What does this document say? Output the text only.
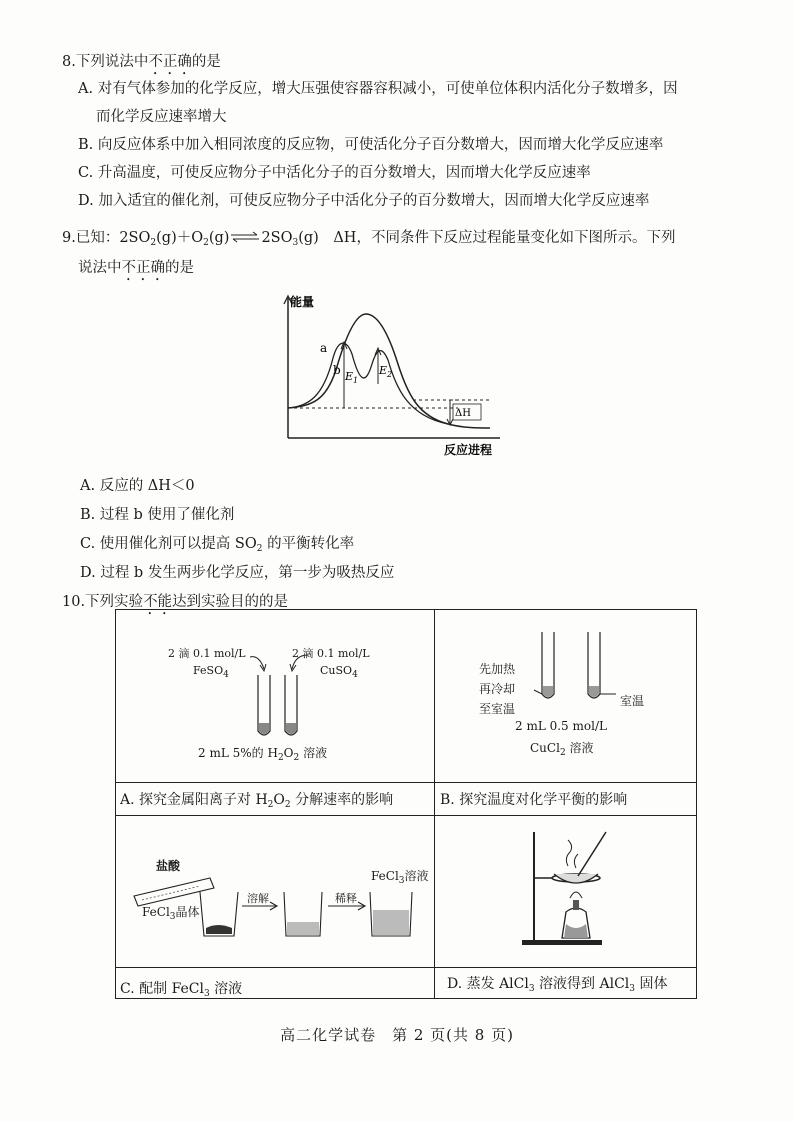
8.下列说法中不正确的是
A. 对有气体参加的化学反应，增大压强使容器容积减小，可使单位体积内活化分子数增多，因
而化学反应速率增大
B. 向反应体系中加入相同浓度的反应物，可使活化分子百分数增大，因而增大化学反应速率
C. 升高温度，可使反应物分子中活化分子的百分数增大，因而增大化学反应速率
D. 加入适宜的催化剂，可使反应物分子中活化分子的百分数增大，因而增大化学反应速率
9.已知：$2SO_2(g)+O_2(g)\rightleftharpoons 2SO_3(g)$　ΔH，不同条件下反应过程能量变化如下图所示。下列
说法中不正确的是
能量
反应进程
a
b $E_1$
$E_2$
ΔH
A. 反应的 ΔH＜0
B. 过程 b 使用了催化剂
C. 使用催化剂可以提高 $SO_2$ 的平衡转化率
D. 过程 b 发生两步化学反应，第一步为吸热反应
10.下列实验不能达到实验目的的是
2 滴 0.1 mol/L
FeSO$_4$
2 滴 0.1 mol/L
CuSO$_4$
2 mL 5%的 $H_2O_2$ 溶液
A. 探究金属阳离子对 $H_2O_2$ 分解速率的影响
先加热
再冷却
至室温
室温
2 mL 0.5 mol/L
CuCl$_2$ 溶液
B. 探究温度对化学平衡的影响
盐酸
FeCl$_3$晶体
溶解	稀释
FeCl$_3$溶液
C. 配制 FeCl$_3$ 溶液	D. 蒸发 AlCl$_3$ 溶液得到 AlCl$_3$ 固体
高二化学试卷　第 2 页(共 8 页)
